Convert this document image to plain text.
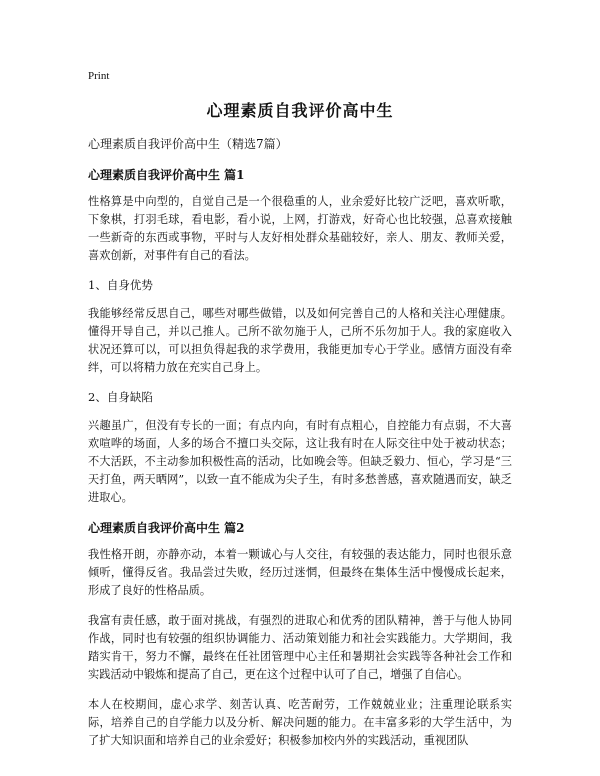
Print
心理素质自我评价高中生
心理素质自我评价高中生（精选7篇）
心理素质自我评价高中生 篇1

性格算是中向型的，自觉自己是一个很稳重的人，业余爱好比较广泛吧，喜欢听歌，下象棋，打羽毛球，看电影，看小说，上网，打游戏，好奇心也比较强，总喜欢接触一些新奇的东西或事物，平时与人友好相处群众基础较好，亲人、朋友、教师关爱，喜欢创新，对事件有自己的看法。

1、自身优势

我能够经常反思自己，哪些对哪些做错，以及如何完善自己的人格和关注心理健康。懂得开导自己，并以己推人。己所不欲勿施于人，己所不乐勿加于人。我的家庭收入状况还算可以，可以担负得起我的求学费用，我能更加专心于学业。感情方面没有牵绊，可以将精力放在充实自己身上。

2、自身缺陷

兴趣虽广，但没有专长的一面；有点内向，有时有点粗心，自控能力有点弱，不大喜欢喧哗的场面，人多的场合不擅口头交际，这让我有时在人际交往中处于被动状态；不大活跃，不主动参加积极性高的活动，比如晚会等。但缺乏毅力、恒心，学习是“三天打鱼，两天晒网”，以致一直不能成为尖子生，有时多愁善感，喜欢随遇而安，缺乏进取心。

心理素质自我评价高中生 篇2

我性格开朗，亦静亦动，本着一颗诚心与人交往，有较强的表达能力，同时也很乐意倾听，懂得反省。我品尝过失败，经历过迷惘，但最终在集体生活中慢慢成长起来，形成了良好的性格品质。

我富有责任感，敢于面对挑战，有强烈的进取心和优秀的团队精神，善于与他人协同作战，同时也有较强的组织协调能力、活动策划能力和社会实践能力。大学期间，我踏实肯干，努力不懈，最终在任社团管理中心主任和暑期社会实践等各种社会工作和实践活动中锻炼和提高了自己，更在这个过程中认可了自己，增强了自信心。

本人在校期间，虚心求学、刻苦认真、吃苦耐劳，工作兢兢业业；注重理论联系实际，培养自己的自学能力以及分析、解决问题的能力。在丰富多彩的大学生活中，为了扩大知识面和培养自己的业余爱好；积极参加校内外的实践活动，重视团队
